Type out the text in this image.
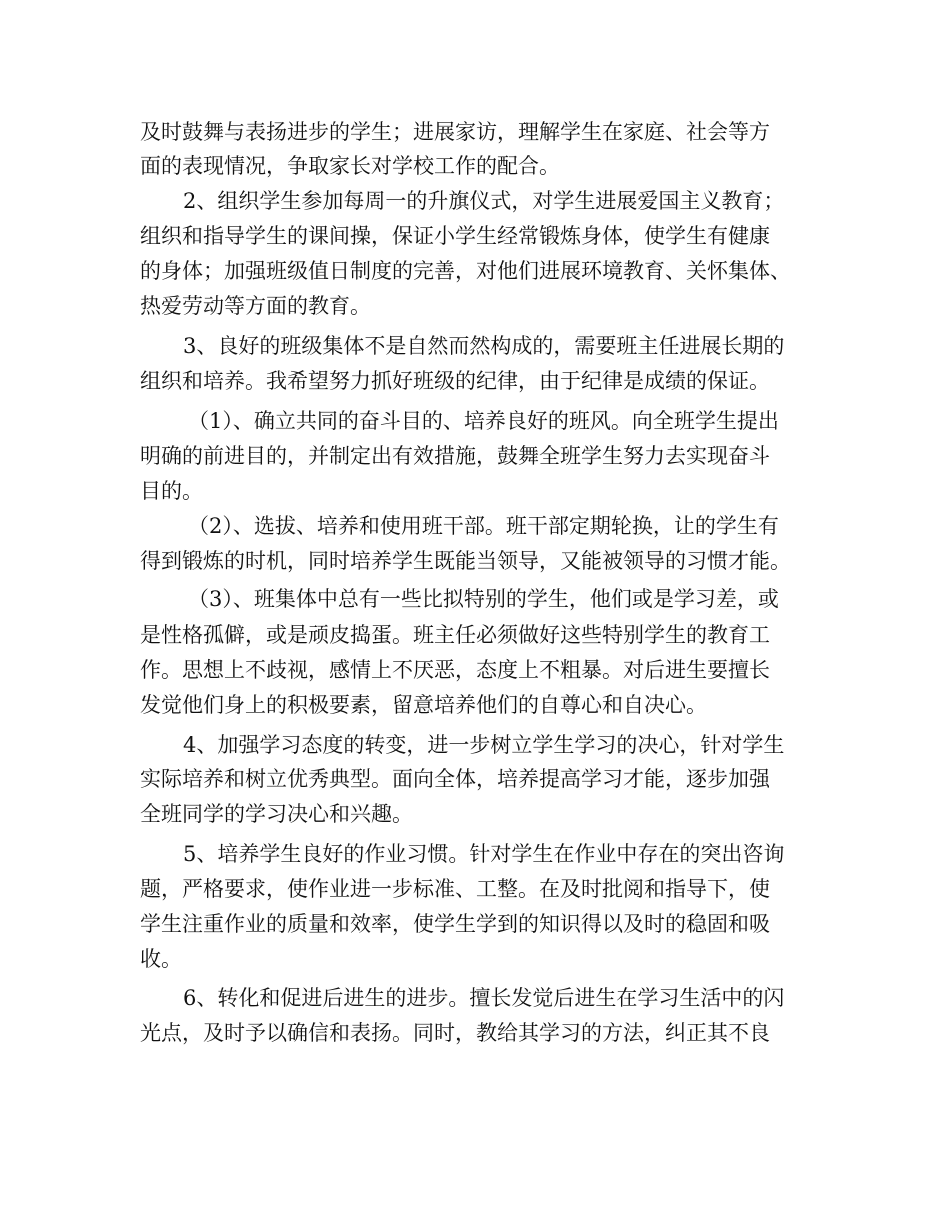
及时鼓舞与表扬进步的学生；进展家访，理解学生在家庭、社会等方
面的表现情况，争取家长对学校工作的配合。
2、组织学生参加每周一的升旗仪式，对学生进展爱国主义教育；
组织和指导学生的课间操，保证小学生经常锻炼身体，使学生有健康
的身体；加强班级值日制度的完善，对他们进展环境教育、关怀集体、
热爱劳动等方面的教育。
3、良好的班级集体不是自然而然构成的，需要班主任进展长期的
组织和培养。我希望努力抓好班级的纪律，由于纪律是成绩的保证。
（1）、确立共同的奋斗目的、培养良好的班风。向全班学生提出
明确的前进目的，并制定出有效措施，鼓舞全班学生努力去实现奋斗
目的。
（2）、选拔、培养和使用班干部。班干部定期轮换，让的学生有
得到锻炼的时机，同时培养学生既能当领导，又能被领导的习惯才能。
（3）、班集体中总有一些比拟特别的学生，他们或是学习差，或
是性格孤僻，或是顽皮捣蛋。班主任必须做好这些特别学生的教育工
作。思想上不歧视，感情上不厌恶，态度上不粗暴。对后进生要擅长
发觉他们身上的积极要素，留意培养他们的自尊心和自决心。
4、加强学习态度的转变，进一步树立学生学习的决心，针对学生
实际培养和树立优秀典型。面向全体，培养提高学习才能，逐步加强
全班同学的学习决心和兴趣。
5、培养学生良好的作业习惯。针对学生在作业中存在的突出咨询
题，严格要求，使作业进一步标准、工整。在及时批阅和指导下，使
学生注重作业的质量和效率，使学生学到的知识得以及时的稳固和吸
收。
6、转化和促进后进生的进步。擅长发觉后进生在学习生活中的闪
光点，及时予以确信和表扬。同时，教给其学习的方法，纠正其不良
